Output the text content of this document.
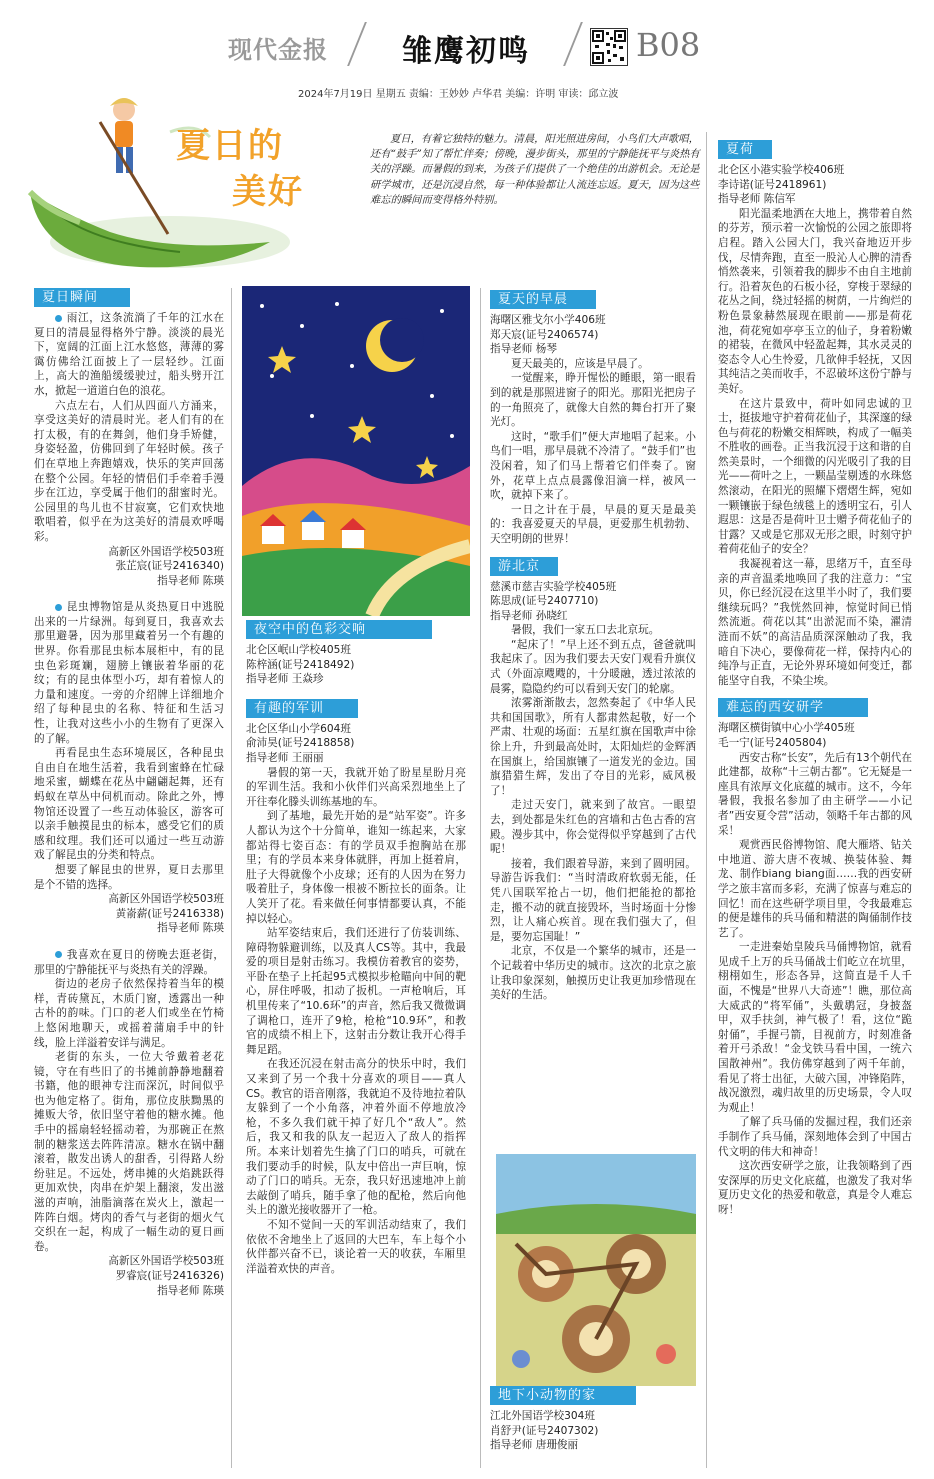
现代金报 雏鹰初鸣	B08
2024年7月19日 星期五 责编：王妙妙 卢华君 美编：许明 审读：邱立波
夏日的
美好
夏日，有着它独特的魅力。清晨，阳光照进房间，小鸟们大声歌唱，还有“鼓手”知了帮忙伴奏；傍晚，漫步街头，那里的宁静能抚平与炎热有关的浮躁。而暑假的到来，为孩子们提供了一个绝佳的出游机会。无论是研学城市，还是沉浸自然，每一种体验都让人流连忘返。夏天，因为这些难忘的瞬间而变得格外特别。
夏日瞬间

雨江，这条流淌了千年的江水在夏日的清晨显得格外宁静。淡淡的晨光下，宽阔的江面上江水悠悠，薄薄的雾霭仿佛给江面披上了一层轻纱。江面上，高大的渔船缓缓驶过，船头劈开江水，掀起一道道白色的浪花。

六点左右，人们从四面八方涌来，享受这美好的清晨时光。老人们有的在打太极，有的在舞剑，他们身手矫健，身姿轻盈，仿佛回到了年轻时候。孩子们在草地上奔跑嬉戏，快乐的笑声回荡在整个公园。年轻的情侣们手牵着手漫步在江边，享受属于他们的甜蜜时光。公园里的鸟儿也不甘寂寞，它们欢快地歌唱着，似乎在为这美好的清晨欢呼喝彩。

高新区外国语学校503班
张芷宸(证号2416340)
指导老师 陈瑛

昆虫博物馆是从炎热夏日中逃脱出来的一片绿洲。每到夏日，我喜欢去那里避暑，因为那里藏着另一个有趣的世界。你看那昆虫标本展柜中，有的昆虫色彩斑斓，翅膀上镶嵌着华丽的花纹；有的昆虫体型小巧，却有着惊人的力量和速度。一旁的介绍牌上详细地介绍了每种昆虫的名称、特征和生活习性，让我对这些小小的生物有了更深入的了解。

再看昆虫生态环境展区，各种昆虫自由自在地生活着，我看到蜜蜂在忙碌地采蜜，蝴蝶在花丛中翩翩起舞，还有蚂蚁在草丛中伺机而动。除此之外，博物馆还设置了一些互动体验区，游客可以亲手触摸昆虫的标本，感受它们的质感和纹理。我们还可以通过一些互动游戏了解昆虫的分类和特点。

想要了解昆虫的世界，夏日去那里是个不错的选择。

高新区外国语学校503班
黄嵛薪(证号2416338)
指导老师 陈瑛

我喜欢在夏日的傍晚去逛老街，那里的宁静能抚平与炎热有关的浮躁。

街边的老房子依然保持着当年的模样，青砖黛瓦，木质门窗，透露出一种古朴的韵味。门口的老人们或坐在竹椅上悠闲地聊天，或摇着蒲扇手中的针线，脸上洋溢着安详与满足。

老街的东头，一位大爷戴着老花镜，守在有些旧了的书摊前静静地翻着书籍，他的眼神专注而深沉，时间似乎也为他定格了。街角，那位皮肤黝黑的摊贩大爷，依旧坚守着他的糖水摊。他手中的摇扇轻轻摇动着，为那碗正在熬制的糖浆送去阵阵清凉。糖水在锅中翻滚着，散发出诱人的甜香，引得路人纷纷驻足。不远处，烤串摊的火焰跳跃得更加欢快，肉串在炉架上翻滚，发出滋滋的声响，油脂滴落在炭火上，激起一阵阵白烟。烤肉的香气与老街的烟火气交织在一起，构成了一幅生动的夏日画卷。

高新区外国语学校503班
罗睿宸(证号2416326)
指导老师 陈瑛
夜空中的色彩交响
北仑区岷山学校405班
陈梓涵(证号2418492)
指导老师 王焱珍
有趣的军训
北仑区华山小学604班
俞沛昊(证号2418858)
指导老师 王丽丽

暑假的第一天，我就开始了盼星星盼月亮的军训生活。我和小伙伴们兴高采烈地坐上了开往奉化滕头训练基地的车。

到了基地，最先开始的是“站军姿”。许多人都认为这个十分简单，谁知一练起来，大家都站得七姿百态：有的学员双手抱胸站在那里；有的学员本来身体就胖，再加上挺着肩，肚子大得就像个小皮球；还有的人因为在努力吸着肚子，身体像一根被不断拉长的面条。让人笑开了花。看来做任何事情都要认真，不能掉以轻心。

站军姿结束后，我们还进行了仿装训练、障碍物躲避训练，以及真人CS等。其中，我最爱的项目是射击练习。我模仿着教官的姿势，平卧在垫子上托起95式模拟步枪瞄向中间的靶心，屏住呼吸，扣动了扳机。一声枪响后，耳机里传来了“10.6环”的声音，然后我又微微调了调枪口，连开了9枪，枪枪“10.9环”，和教官的成绩不相上下，这射击分数让我开心得手舞足蹈。

在我还沉浸在射击高分的快乐中时，我们又来到了另一个我十分喜欢的项目——真人CS。教官的语音刚落，我就迫不及待地拉着队友躲到了一个小角落，冲着外面不停地放冷枪，不多久我们就干掉了好几个“敌人”。然后，我又和我的队友一起迈入了敌人的指挥所。本来计划着先生擒了门口的哨兵，可就在我们要动手的时候，队友中倍出一声巨响，惊动了门口的哨兵。无奈，我只好迅速地冲上前去敲倒了哨兵，随手拿了他的配枪，然后向他头上的激光接收器开了一枪。

不知不觉间一天的军训活动结束了，我们依依不舍地坐上了返回的大巴车，车上每个小伙伴都兴奋不已，谈论着一天的收获，车厢里洋溢着欢快的声音。

夏天的早晨
海曙区雅戈尔小学406班
郑天宸(证号2406574)
指导老师 杨琴

夏天最美的，应该是早晨了。

一觉醒来，睁开惺忪的睡眼，第一眼看到的就是那照进窗子的阳光。那阳光把房子的一角照亮了，就像大自然的舞台打开了聚光灯。

这时，“歌手们”便大声地唱了起来。小鸟们一唱，那早晨就不冷清了。“鼓手们”也没闲着，知了们马上帮着它们伴奏了。窗外，花草上点点晨露像泪滴一样，被风一吹，就掉下来了。

一日之计在于晨，早晨的夏天是最美的：我喜爱夏天的早晨，更爱那生机勃勃、天空明朗的世界！

游北京
慈溪市慈吉实验学校405班
陈思成(证号2407710)
指导老师 孙晓红

暑假，我们一家五口去北京玩。

“起床了！”早上还不到五点，爸爸就叫我起床了。因为我们要去天安门观看升旗仪式（外面凉飕飕的，十分暖融，透过浓浓的晨雾，隐隐约约可以看到天安门的轮廓。

浓雾渐渐散去，忽然奏起了《中华人民共和国国歌》，所有人都肃然起敬，好一个严肃、壮观的场面：五星红旗在国歌声中徐徐上升，升到最高处时，太阳灿烂的金辉洒在国旗上，给国旗镶了一道发光的金边。国旗猎猎生辉，发出了夺目的光彩，威风极了！

走过天安门，就来到了故宫。一眼望去，到处都是朱红色的宫墙和古色古香的宫殿。漫步其中，你会觉得似乎穿越到了古代呢！

接着，我们跟着导游，来到了圆明园。导游告诉我们：“当时清政府软弱无能，任凭八国联军抢占一切，他们把能抢的都抢走，搬不动的就直接毁坏，当时场面十分惨烈，让人痛心疾首。现在我们强大了，但是，要勿忘国耻！”

北京，不仅是一个繁华的城市，还是一个记载着中华历史的城市。这次的北京之旅让我印象深刻，触摸历史让我更加珍惜现在美好的生活。

地下小动物的家
江北外国语学校304班
肖舒尹(证号2407302)
指导老师 唐珊俊丽
夏荷
北仑区小港实验学校406班
李诗诺(证号2418961)
指导老师 陈信军

阳光温柔地洒在大地上，携带着自然的芬芳，预示着一次愉悦的公园之旅即将启程。踏入公园大门，我兴奋地迈开步伐，尽情奔跑，直至一股沁人心脾的清香悄然袭来，引领着我的脚步不由自主地前行。沿着灰色的石板小径，穿梭于翠绿的花丛之间，绕过轻摇的树荫，一片绚烂的粉色景象赫然展现在眼前——那是荷花池，荷花宛如亭亭玉立的仙子，身着粉嫩的裙装，在微风中轻盈起舞，其水灵灵的姿态令人心生怜爱，几欲伸手轻抚，又因其纯洁之美而收手，不忍破坏这份宁静与美好。

在这片景致中，荷叶如同忠诚的卫士，挺拔地守护着荷花仙子，其深邃的绿色与荷花的粉嫩交相辉映，构成了一幅美不胜收的画卷。正当我沉浸于这和谐的自然美景时，一个细微的闪光吸引了我的目光——荷叶之上，一颗晶莹剔透的水珠悠然滚动，在阳光的照耀下熠熠生辉，宛如一颗镶嵌于绿色绒毯上的透明宝石，引人遐思：这是否是荷叶卫士赠予荷花仙子的甘露？又或是它那双无形之眼，时刻守护着荷花仙子的安全？

我凝视着这一幕，思绪万千，直至母亲的声音温柔地唤回了我的注意力：“宝贝，你已经沉浸在这里半小时了，我们要继续玩吗？”我恍然回神，惊觉时间已悄然流逝。荷花以其“出淤泥而不染，濯清涟而不妖”的高洁品质深深触动了我，我暗自下决心，要像荷花一样，保持内心的纯净与正直，无论外界环境如何变迁，都能坚守自我，不染尘埃。

难忘的西安研学
海曙区横街镇中心小学405班
毛一宁(证号2405804)

西安古称“长安”，先后有13个朝代在此建都，故称“十三朝古都”。它无疑是一座具有浓厚文化底蕴的城市。这不，今年暑假，我报名参加了由主研学——小记者”西安夏令营”活动，领略千年古都的风采！

观赏西民俗博物馆、爬大雁塔、钻关中地道、游大唐不夜城、换装体验、舞龙、制作biang biang面……我的西安研学之旅丰富而多彩，充满了惊喜与难忘的回忆！而在这些研学项目里，令我最难忘的便是雄伟的兵马俑和精湛的陶俑制作技艺了。

一走进秦始皇陵兵马俑博物馆，就看见成千上万的兵马俑战士们屹立在坑里，栩栩如生，形态各异，这简直是千人千面，不愧是“世界八大奇迹”！瞧，那位高大威武的“将军俑”，头戴鹖冠，身披盔甲，双手扶剑，神气极了！看，这位“跪射俑”，手握弓箭，目视前方，时刻准备着开弓杀敌！“金戈铁马看中国，一统六国散神州”。我仿佛穿越到了两千年前，看见了将士出征，大破六国，冲锋陷阵，战况激烈，魂归故里的历史场景，令人叹为观止！

了解了兵马俑的发掘过程，我们还亲手制作了兵马俑，深刻地体会到了中国古代文明的伟大和神奇！

这次西安研学之旅，让我领略到了西安深厚的历史文化底蕴，也激发了我对华夏历史文化的热爱和敬意，真是令人难忘呀！
